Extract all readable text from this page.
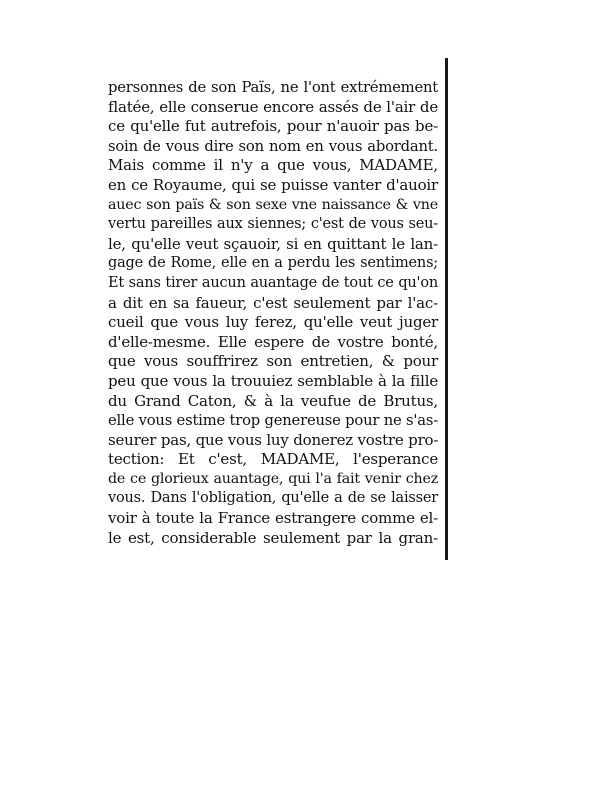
personnes de son Païs, ne l'ont extrémement
flatée, elle conserue encore assés de l'air de
ce qu'elle fut autrefois, pour n'auoir pas be-
soin de vous dire son nom en vous abordant.
Mais comme il n'y a que vous, MADAME,
en ce Royaume, qui se puisse vanter d'auoir
auec son païs & son sexe vne naissance & vne
vertu pareilles aux siennes; c'est de vous seu-
le, qu'elle veut sçauoir, si en quittant le lan-
gage de Rome, elle en a perdu les sentimens;
Et sans tirer aucun auantage de tout ce qu'on
a dit en sa faueur, c'est seulement par l'ac-
cueil que vous luy ferez, qu'elle veut juger
d'elle-mesme. Elle espere de vostre bonté,
que vous souffrirez son entretien, & pour
peu que vous la trouuiez semblable à la fille
du Grand Caton, & à la veufue de Brutus,
elle vous estime trop genereuse pour ne s'as-
seurer pas, que vous luy donerez vostre pro-
tection: Et c'est, MADAME, l'esperance
de ce glorieux auantage, qui l'a fait venir chez
vous. Dans l'obligation, qu'elle a de se laisser
voir à toute la France estrangere comme el-
le est, considerable seulement par la gran-
